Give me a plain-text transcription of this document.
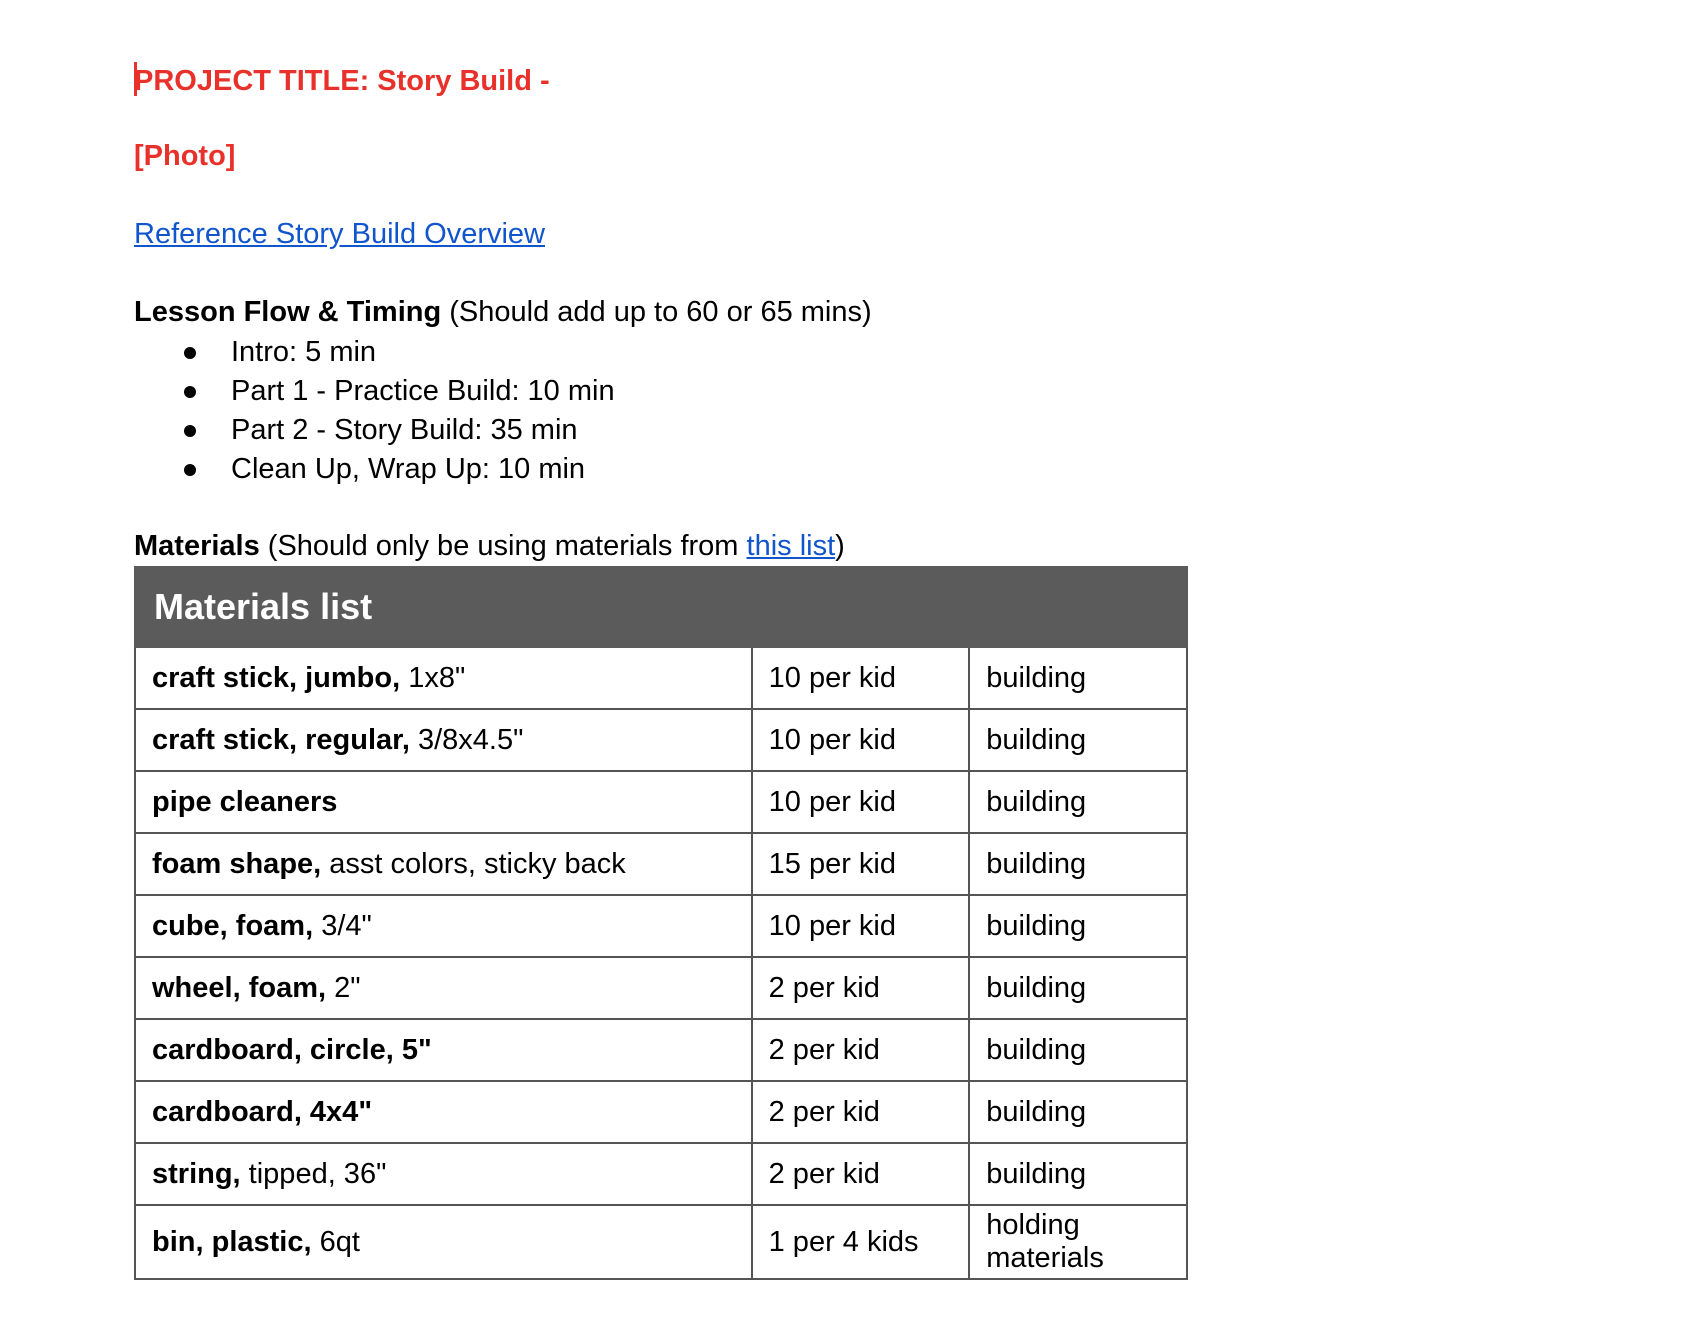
PROJECT TITLE: Story Build -
[Photo]
Reference Story Build Overview
Lesson Flow & Timing (Should add up to 60 or 65 mins)
Intro: 5 min
Part 1 - Practice Build: 10 min
Part 2 - Story Build: 35 min
Clean Up, Wrap Up: 10 min
Materials (Should only be using materials from this list)
Materials list		
craft stick, jumbo, 1x8"	10 per kid	building
craft stick, regular, 3/8x4.5"	10 per kid	building
pipe cleaners	10 per kid	building
foam shape, asst colors, sticky back	15 per kid	building
cube, foam, 3/4"	10 per kid	building
wheel, foam, 2"	2 per kid	building
cardboard, circle, 5"	2 per kid	building
cardboard, 4x4"	2 per kid	building
string, tipped, 36"	2 per kid	building
bin, plastic, 6qt	1 per 4 kids	holding materials
